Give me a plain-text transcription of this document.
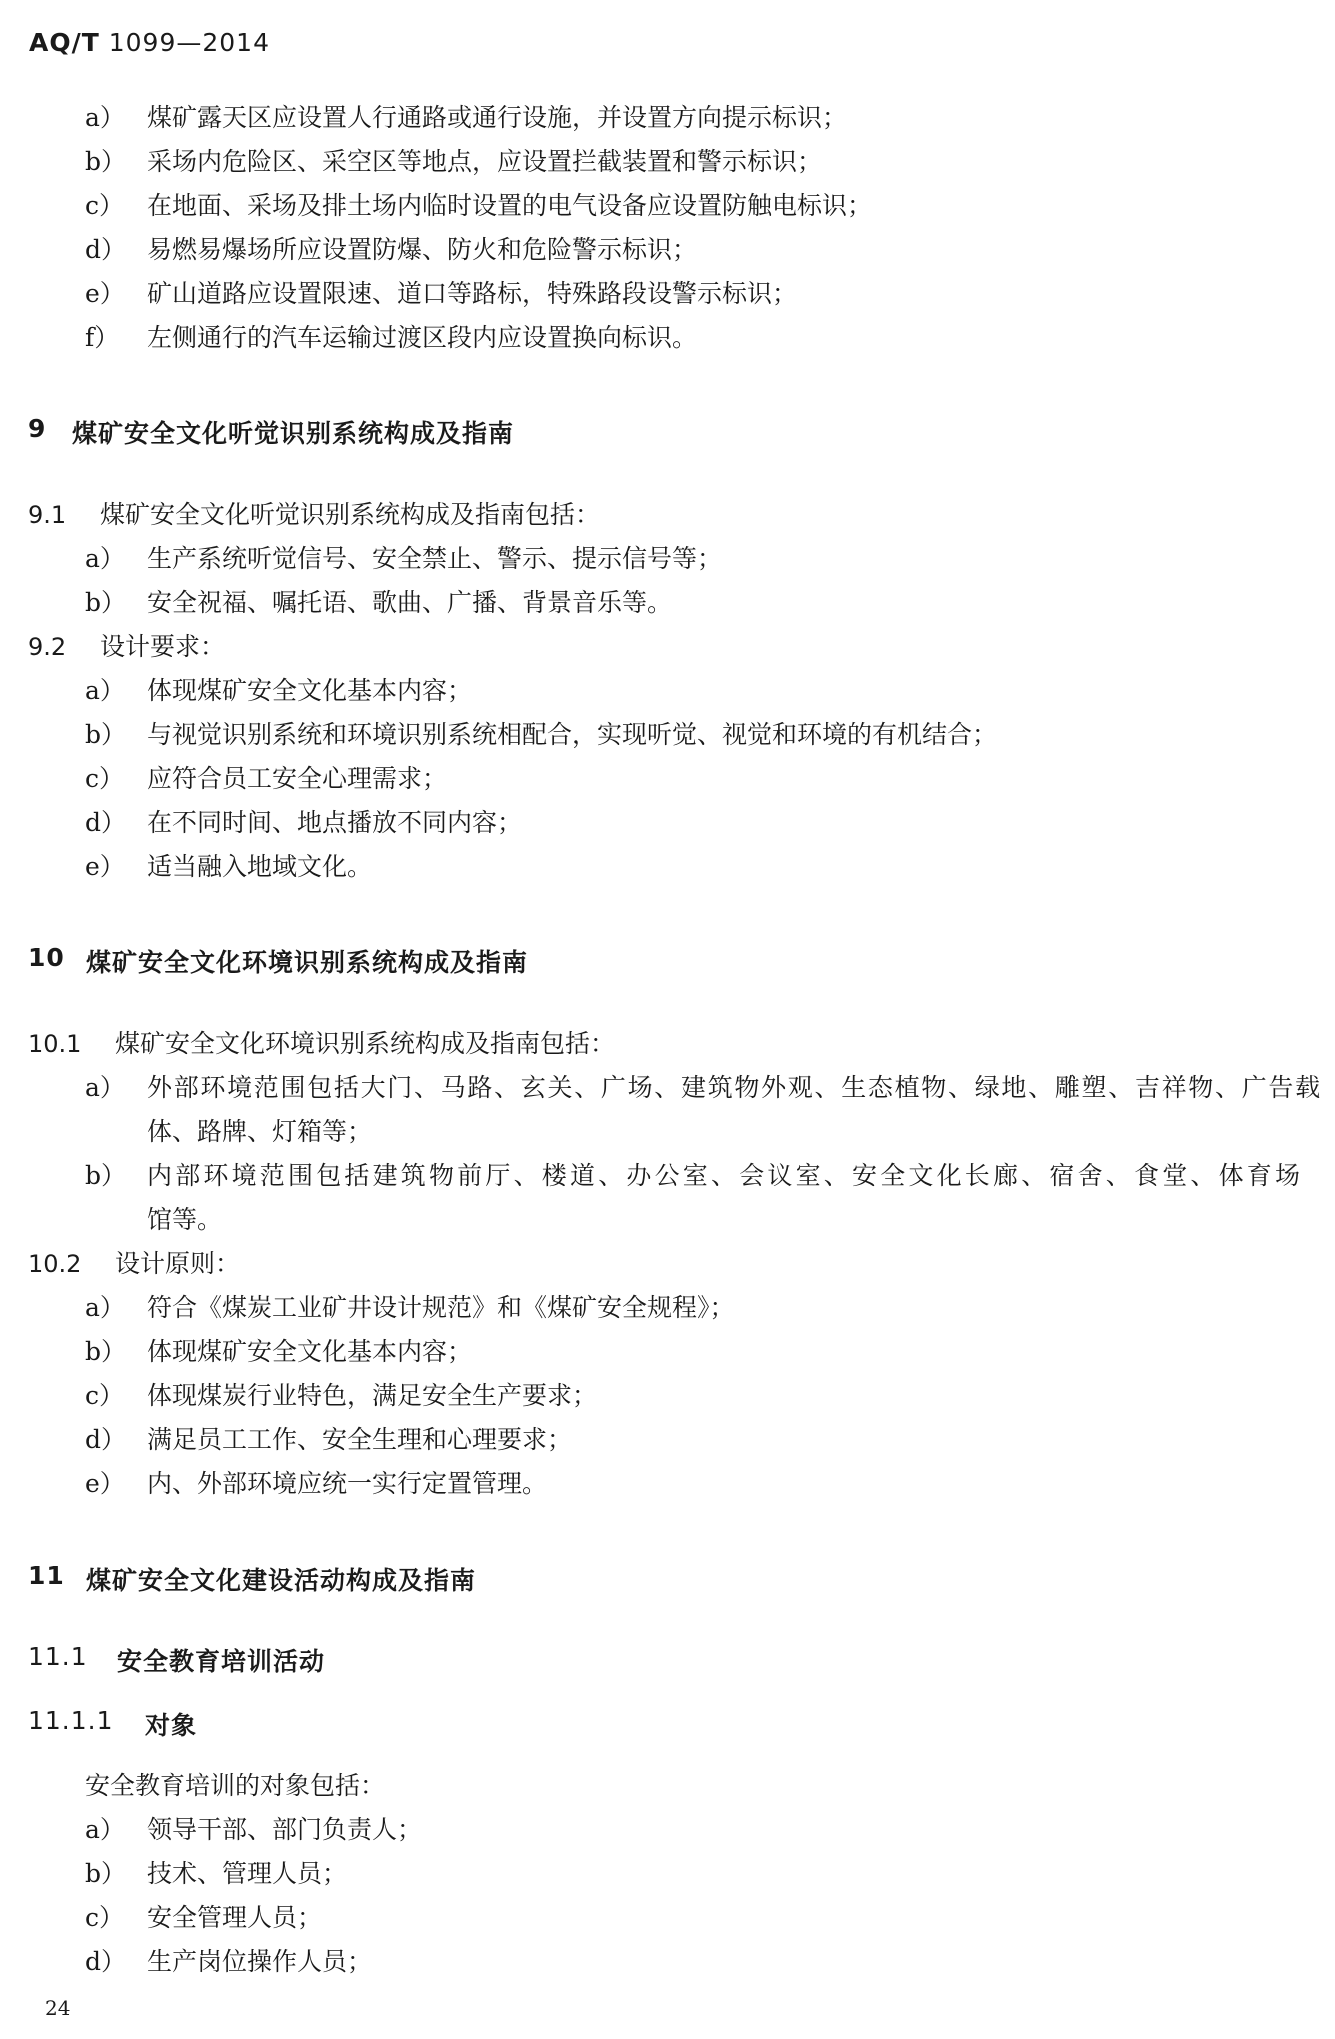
AQ/T 1099—2014
a） 煤矿露天区应设置人行通路或通行设施，并设置方向提示标识；
b） 采场内危险区、采空区等地点，应设置拦截装置和警示标识；
c） 在地面、采场及排土场内临时设置的电气设备应设置防触电标识；
d） 易燃易爆场所应设置防爆、防火和危险警示标识；
e） 矿山道路应设置限速、道口等路标，特殊路段设警示标识；
f）	左侧通行的汽车运输过渡区段内应设置换向标识。
9 煤矿安全文化听觉识别系统构成及指南
9.1 煤矿安全文化听觉识别系统构成及指南包括：
a） 生产系统听觉信号、安全禁止、警示、提示信号等；
b） 安全祝福、嘱托语、歌曲、广播、背景音乐等。
9.2 设计要求：
a） 体现煤矿安全文化基本内容；
b） 与视觉识别系统和环境识别系统相配合，实现听觉、视觉和环境的有机结合；
c） 应符合员工安全心理需求；
d） 在不同时间、地点播放不同内容；
e） 适当融入地域文化。
10 煤矿安全文化环境识别系统构成及指南
10.1 煤矿安全文化环境识别系统构成及指南包括：
a） 外部环境范围包括大门、马路、玄关、广场、建筑物外观、生态植物、绿地、雕塑、吉祥物、广告载
体、路牌、灯箱等；
b） 内部环境范围包括建筑物前厅、楼道、办公室、会议室、安全文化长廊、宿舍、食堂、体育场
馆等。
10.2 设计原则：
a） 符合《煤炭工业矿井设计规范》和《煤矿安全规程》；
b） 体现煤矿安全文化基本内容；
c） 体现煤炭行业特色，满足安全生产要求；
d） 满足员工工作、安全生理和心理要求；
e） 内、外部环境应统一实行定置管理。
11 煤矿安全文化建设活动构成及指南
11.1 安全教育培训活动
11.1.1 对象
安全教育培训的对象包括：
a） 领导干部、部门负责人；
b） 技术、管理人员；
c） 安全管理人员；
d） 生产岗位操作人员；
24
